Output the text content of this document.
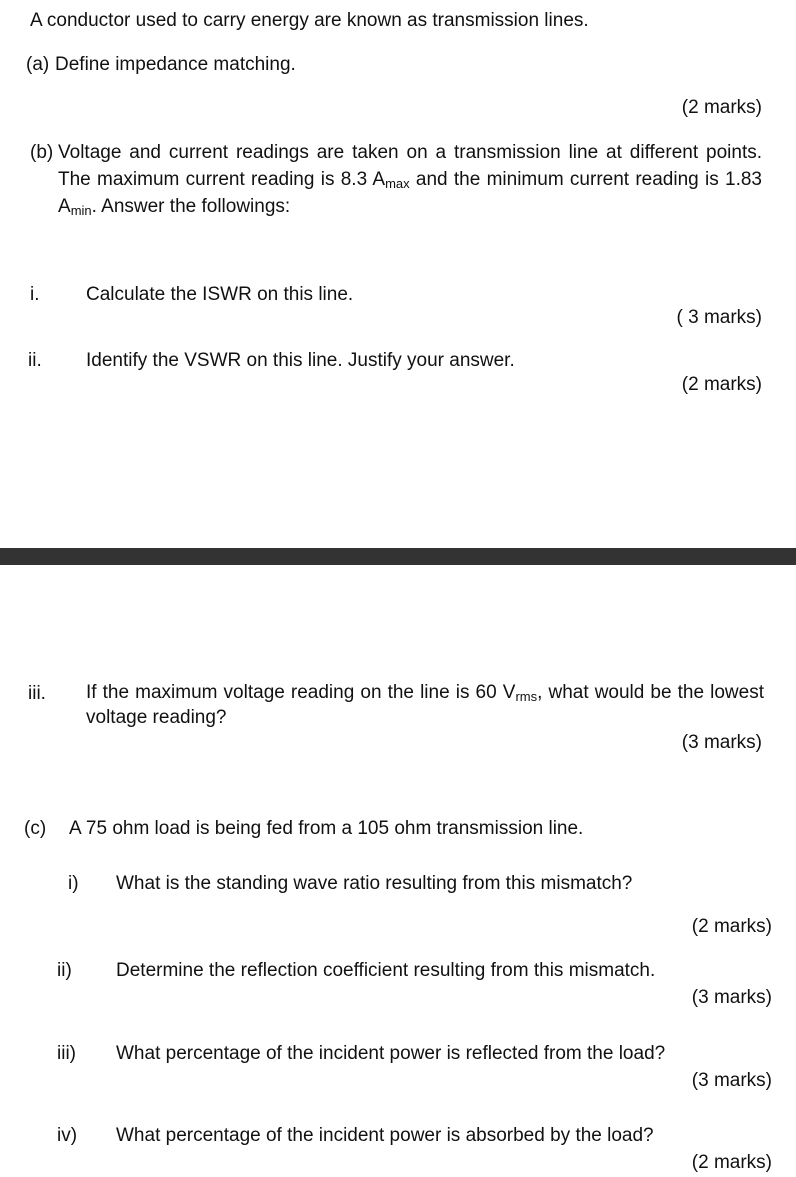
A conductor used to carry energy are known as transmission lines.
(a) Define impedance matching.
(2 marks)
(b) Voltage and current readings are taken on a transmission line at different points. The maximum current reading is 8.3 $A_{max}$ and the minimum current reading is 1.83 $A_{min}$. Answer the followings:
i. Calculate the ISWR on this line.
( 3 marks)
ii. Identify the VSWR on this line. Justify your answer.
(2 marks)
iii. If the maximum voltage reading on the line is 60 $V_{rms}$, what would be the lowest voltage reading?
(3 marks)
(c) A 75 ohm load is being fed from a 105 ohm transmission line.
i) What is the standing wave ratio resulting from this mismatch?
(2 marks)
ii) Determine the reflection coefficient resulting from this mismatch.
(3 marks)
iii) What percentage of the incident power is reflected from the load?
(3 marks)
iv) What percentage of the incident power is absorbed by the load?
(2 marks)
